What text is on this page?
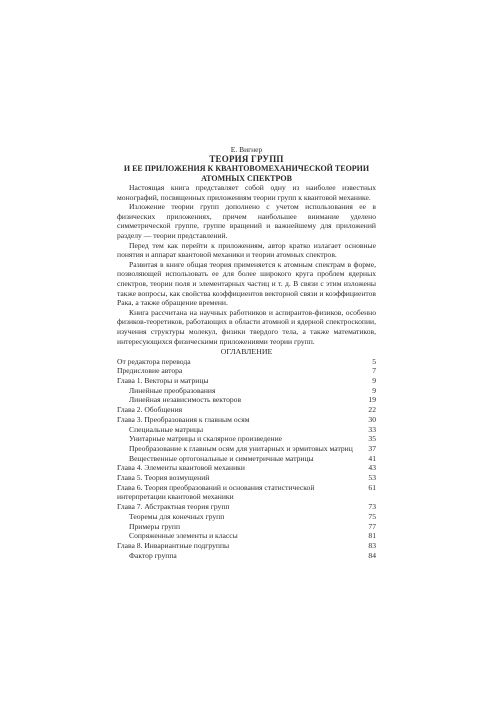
Е. Вигнер
ТЕОРИЯ ГРУПП
И ЕЕ ПРИЛОЖЕНИЯ К КВАНТОВОМЕХАНИЧЕСКОЙ ТЕОРИИ
АТОМНЫХ СПЕКТРОВ

Настоящая книга представляет собой одну из наиболее известных монографий, посвященных приложениям теории групп к квантовой механике.

Изложение теории групп дополнено с учетом использования ее в физических приложениях, причем наибольшее внимание уделено симметрической группе, группе вращений и важнейшему для приложений разделу — теории представлений.

Перед тем как перейти к приложениям, автор кратко излагает основные понятия и аппарат квантовой механики и теории атомных спектров.

Развитая в книге общая теория применяется к атомным спектрам в форме, позволяющей использовать ее для более широкого круга проблем ядерных спектров, теории поля и элементарных частиц и т. д. В связи с этим изложены также вопросы, как свойства коэффициентов векторной связи и коэффициентов Рака, а также обращение времени.

Книга рассчитана на научных работников и аспирантов-физиков, особенно физиков-теоретиков, работающих в области атомной и ядерной спектроскопии, изучения структуры молекул, физики твердого тела, а также математиков, интересующихся физическими приложениями теории групп.

ОГЛАВЛЕНИЕ
От редактора перевода	5
Предисловие автора	7
Глава 1. Векторы и матрицы	9
Линейные преобразования	9
Линейная независимость векторов	19
Глава 2. Обобщения	22
Глава 3. Преобразования к главным осям	30
Специальные матрицы	33
Унитарные матрицы и скалярное произведение	35
Преобразование к главным осям для унитарных и эрмитовых матриц	37
Вещественные ортогональные и симметричные матрицы	41
Глава 4. Элементы квантовой механики	43
Глава 5. Теория возмущений	53
Глава 6. Теория преобразований и основания статистической интерпретации квантовой механики
61
Глава 7. Абстрактная теория групп	73
Теоремы для конечных групп	75
Примеры групп	77
Сопряженные элементы и классы	81
Глава 8. Инвариантные подгруппы	83
Фактор группа	84
